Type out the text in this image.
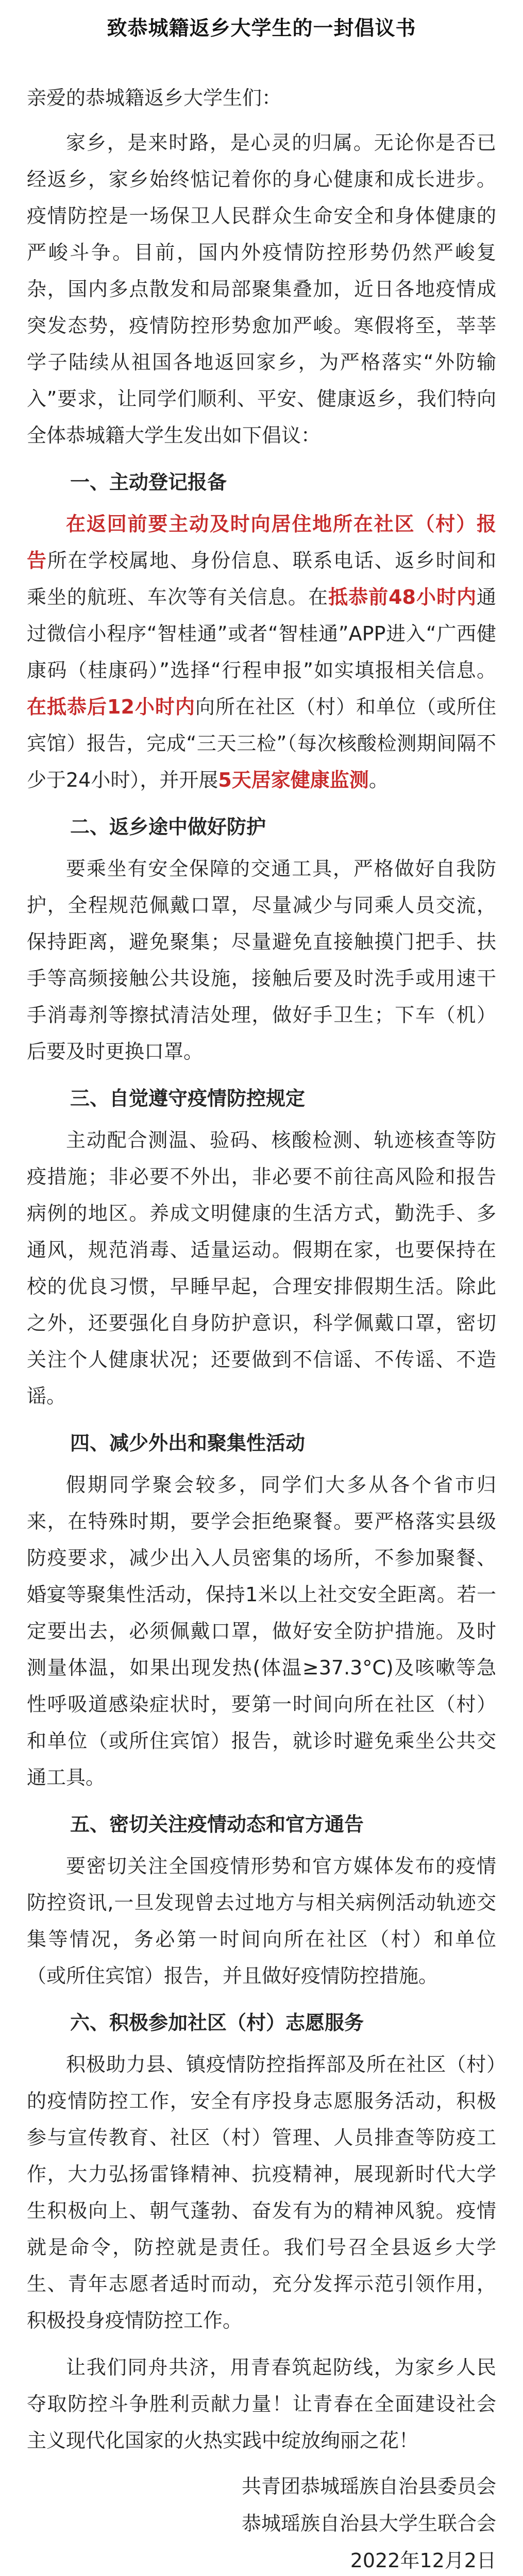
致恭城籍返乡大学生的一封倡议书
亲爱的恭城籍返乡大学生们：

家乡，是来时路，是心灵的归属。无论你是否已经返乡，家乡始终惦记着你的身心健康和成长进步。疫情防控是一场保卫人民群众生命安全和身体健康的严峻斗争。目前，国内外疫情防控形势仍然严峻复杂，国内多点散发和局部聚集叠加，近日各地疫情成突发态势，疫情防控形势愈加严峻。寒假将至，莘莘学子陆续从祖国各地返回家乡，为严格落实“外防输入”要求，让同学们顺利、平安、健康返乡，我们特向全体恭城籍大学生发出如下倡议：

一、主动登记报备

在返回前要主动及时向居住地所在社区（村）报告所在学校属地、身份信息、联系电话、返乡时间和乘坐的航班、车次等有关信息。在抵恭前48小时内通过微信小程序“智桂通”或者“智桂通”APP进入“广西健康码（桂康码）”选择“行程申报”如实填报相关信息。在抵恭后12小时内向所在社区（村）和单位（或所住宾馆）报告，完成“三天三检”（每次核酸检测期间隔不少于24小时），并开展5天居家健康监测。

二、返乡途中做好防护

要乘坐有安全保障的交通工具，严格做好自我防护，全程规范佩戴口罩，尽量减少与同乘人员交流，保持距离，避免聚集；尽量避免直接触摸门把手、扶手等高频接触公共设施，接触后要及时洗手或用速干手消毒剂等擦拭清洁处理，做好手卫生；下车（机）后要及时更换口罩。

三、自觉遵守疫情防控规定

主动配合测温、验码、核酸检测、轨迹核查等防疫措施；非必要不外出，非必要不前往高风险和报告病例的地区。养成文明健康的生活方式，勤洗手、多通风，规范消毒、适量运动。假期在家，也要保持在校的优良习惯，早睡早起，合理安排假期生活。除此之外，还要强化自身防护意识，科学佩戴口罩，密切关注个人健康状况；还要做到不信谣、不传谣、不造谣。

四、减少外出和聚集性活动

假期同学聚会较多，同学们大多从各个省市归来，在特殊时期，要学会拒绝聚餐。要严格落实县级防疫要求，减少出入人员密集的场所，不参加聚餐、婚宴等聚集性活动，保持1米以上社交安全距离。若一定要出去，必须佩戴口罩，做好安全防护措施。及时测量体温，如果出现发热(体温≥37.3°C)及咳嗽等急性呼吸道感染症状时，要第一时间向所在社区（村）和单位（或所住宾馆）报告，就诊时避免乘坐公共交通工具。

五、密切关注疫情动态和官方通告

要密切关注全国疫情形势和官方媒体发布的疫情防控资讯,一旦发现曾去过地方与相关病例活动轨迹交集等情况，务必第一时间向所在社区（村）和单位（或所住宾馆）报告，并且做好疫情防控措施。

六、积极参加社区（村）志愿服务

积极助力县、镇疫情防控指挥部及所在社区（村）的疫情防控工作，安全有序投身志愿服务活动，积极参与宣传教育、社区（村）管理、人员排查等防疫工作，大力弘扬雷锋精神、抗疫精神，展现新时代大学生积极向上、朝气蓬勃、奋发有为的精神风貌。疫情就是命令，防控就是责任。我们号召全县返乡大学生、青年志愿者适时而动，充分发挥示范引领作用，积极投身疫情防控工作。

让我们同舟共济，用青春筑起防线，为家乡人民夺取防控斗争胜利贡献力量！让青春在全面建设社会主义现代化国家的火热实践中绽放绚丽之花！

共青团恭城瑶族自治县委员会
恭城瑶族自治县大学生联合会
2022年12月2日
